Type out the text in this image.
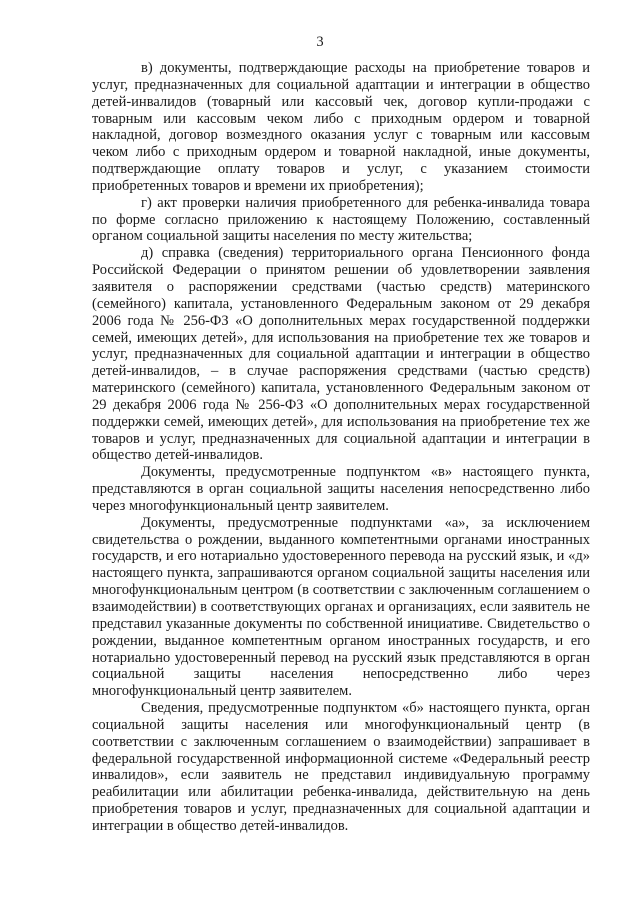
3

в) документы, подтверждающие расходы на приобретение товаров и услуг, предназначенных для социальной адаптации и интеграции в общество детей-инвалидов (товарный или кассовый чек, договор купли-продажи с товарным или кассовым чеком либо с приходным ордером и товарной накладной, договор возмездного оказания услуг с товарным или кассовым чеком либо с приходным ордером и товарной накладной, иные документы, подтверждающие оплату товаров и услуг, с указанием стоимости приобретенных товаров и времени их приобретения);

г) акт проверки наличия приобретенного для ребенка-инвалида товара по форме согласно приложению к настоящему Положению, составленный органом социальной защиты населения по месту жительства;

д) справка (сведения) территориального органа Пенсионного фонда Российской Федерации о принятом решении об удовлетворении заявления заявителя о распоряжении средствами (частью средств) материнского (семейного) капитала, установленного Федеральным законом от 29 декабря 2006 года № 256-ФЗ «О дополнительных мерах государственной поддержки семей, имеющих детей», для использования на приобретение тех же товаров и услуг, предназначенных для социальной адаптации и интеграции в общество детей-инвалидов, – в случае распоряжения средствами (частью средств) материнского (семейного) капитала, установленного Федеральным законом от 29 декабря 2006 года № 256-ФЗ «О дополнительных мерах государственной поддержки семей, имеющих детей», для использования на приобретение тех же товаров и услуг, предназначенных для социальной адаптации и интеграции в общество детей-инвалидов.

Документы, предусмотренные подпунктом «в» настоящего пункта, представляются в орган социальной защиты населения непосредственно либо через многофункциональный центр заявителем.

Документы, предусмотренные подпунктами «а», за исключением свидетельства о рождении, выданного компетентными органами иностранных государств, и его нотариально удостоверенного перевода на русский язык, и «д» настоящего пункта, запрашиваются органом социальной защиты населения или многофункциональным центром (в соответствии с заключенным соглашением о взаимодействии) в соответствующих органах и организациях, если заявитель не представил указанные документы по собственной инициативе. Свидетельство о рождении, выданное компетентным органом иностранных государств, и его нотариально удостоверенный перевод на русский язык представляются в орган социальной защиты населения непосредственно либо через многофункциональный центр заявителем.

Сведения, предусмотренные подпунктом «б» настоящего пункта, орган социальной защиты населения или многофункциональный центр (в соответствии с заключенным соглашением о взаимодействии) запрашивает в федеральной государственной информационной системе «Федеральный реестр инвалидов», если заявитель не представил индивидуальную программу реабилитации или абилитации ребенка-инвалида, действительную на день приобретения товаров и услуг, предназначенных для социальной адаптации и интеграции в общество детей-инвалидов.
